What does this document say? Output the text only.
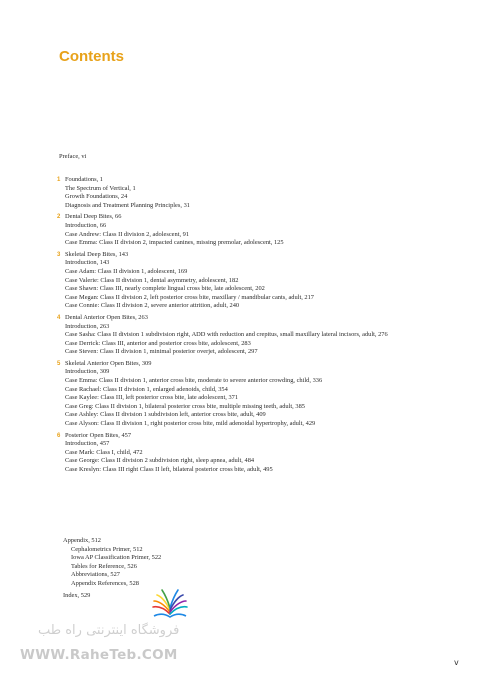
Contents
Preface, vi
1 Foundations, 1
The Spectrum of Vertical, 1
Growth Foundations, 24
Diagnosis and Treatment Planning Principles, 31
2 Dental Deep Bites, 66
Introduction, 66
Case Andrew: Class II division 2, adolescent, 91
Case Emma: Class II division 2, impacted canines, missing premolar, adolescent, 125
3 Skeletal Deep Bites, 143
Introduction, 143
Case Adam: Class II division 1, adolescent, 169
Case Valerie: Class II division 1, dental asymmetry, adolescent, 182
Case Shawn: Class III, nearly complete lingual cross bite, late adolescent, 202
Case Megan: Class II division 2, left posterior cross bite, maxillary / mandibular cants, adult, 217
Case Connie: Class II division 2, severe anterior attrition, adult, 240
4 Dental Anterior Open Bites, 263
Introduction, 263
Case Sasha: Class II division 1 subdivision right, ADD with reduction and crepitus, small maxillary lateral incisors, adult, 276
Case Derrick: Class III, anterior and posterior cross bite, adolescent, 283
Case Steven: Class II division 1, minimal posterior overjet, adolescent, 297
5 Skeletal Anterior Open Bites, 309
Introduction, 309
Case Emma: Class II division 1, anterior cross bite, moderate to severe anterior crowding, child, 336
Case Rachael: Class II division 1, enlarged adenoids, child, 354
Case Kaylee: Class III, left posterior cross bite, late adolescent, 371
Case Greg: Class II division 1, bilateral posterior cross bite, multiple missing teeth, adult, 385
Case Ashley: Class II division 1 subdivision left, anterior cross bite, adult, 409
Case Alyson: Class II division 1, right posterior cross bite, mild adenoidal hypertrophy, adult, 429
6 Posterior Open Bites, 457
Introduction, 457
Case Mark: Class I, child, 472
Case George: Class II division 2 subdivision right, sleep apnea, adult, 484
Case Kreslyn: Class III right Class II left, bilateral posterior cross bite, adult, 495
Appendix, 512
Cephalometrics Primer, 512
Iowa AP Classification Primer, 522
Tables for Reference, 526
Abbreviations, 527
Appendix References, 528
Index, 529
فروشگاه اینترنتی راه طب
WWW.RaheTeb.COM	v
